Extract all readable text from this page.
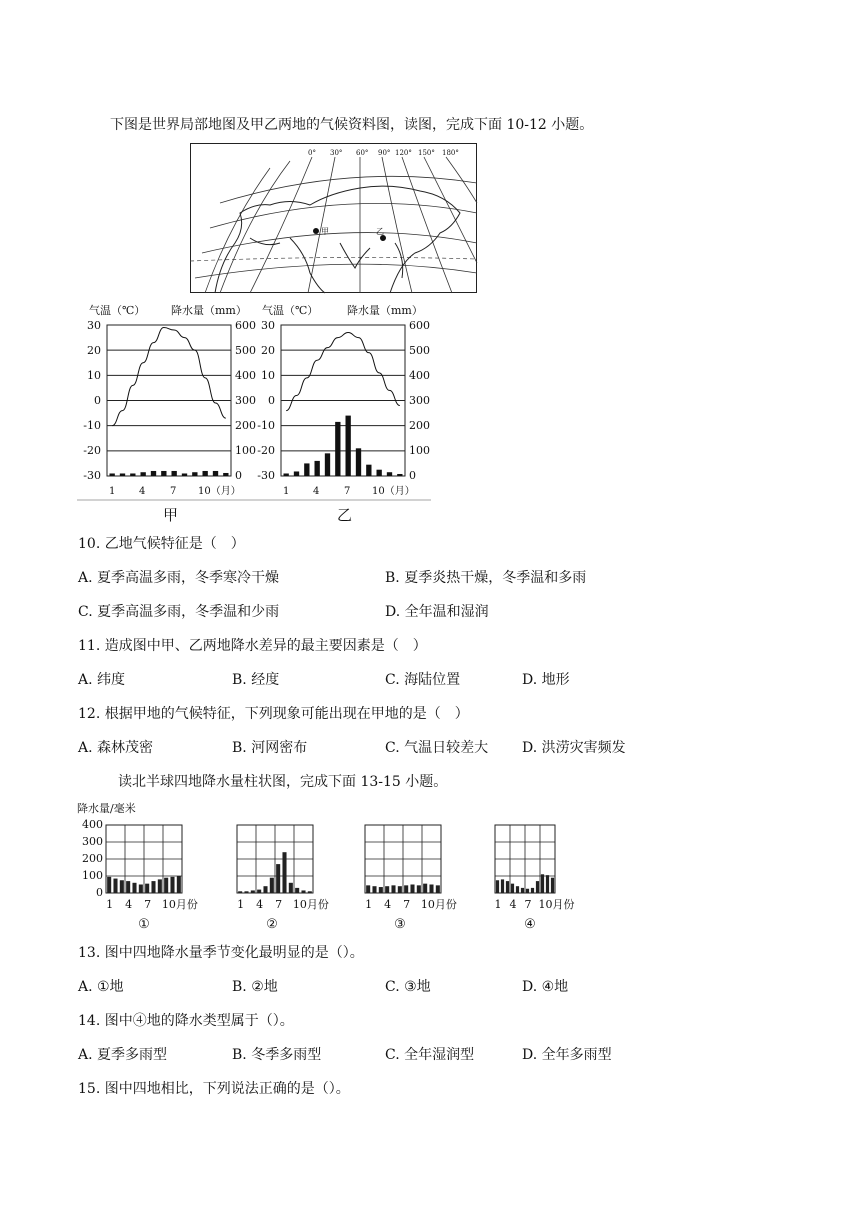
下图是世界局部地图及甲乙两地的气候资料图，读图，完成下面 10-12 小题。
0° 30° 60° 90° 120° 150° 180°
甲	乙
气温（℃） 降水量（mm） 气温（℃）	降水量（mm）
30
20
10
0
-10
-20
-30
600
500
400
300
200
100
0
30
20
10
0
-10
-20
-30
600
500
400
300
200
100
0
1 4 7 10（月）	1 4 7 10（月）
甲	乙
10. 乙地气候特征是（　）
A. 夏季高温多雨，冬季寒冷干燥	B. 夏季炎热干燥，冬季温和多雨
C. 夏季高温多雨，冬季温和少雨	D. 全年温和湿润
11. 造成图中甲、乙两地降水差异的最主要因素是（　）
A. 纬度	B. 经度	C. 海陆位置	D. 地形
12. 根据甲地的气候特征，下列现象可能出现在甲地的是（　）
A. 森林茂密	B. 河网密布	C. 气温日较差大 D. 洪涝灾害频发
读北半球四地降水量柱状图，完成下面 13-15 小题。
降水量/毫米
400
300
200
100
0
1 4 7 10月份	1 4 7 10月份	1 4 7 10月份	1 4 7 10月份
①	②	③	④
13. 图中四地降水量季节变化最明显的是（）。
A. ①地	B. ②地	C. ③地	D. ④地
14. 图中④地的降水类型属于（）。
A. 夏季多雨型	B. 冬季多雨型	C. 全年湿润型	D. 全年多雨型
15. 图中四地相比，下列说法正确的是（）。
